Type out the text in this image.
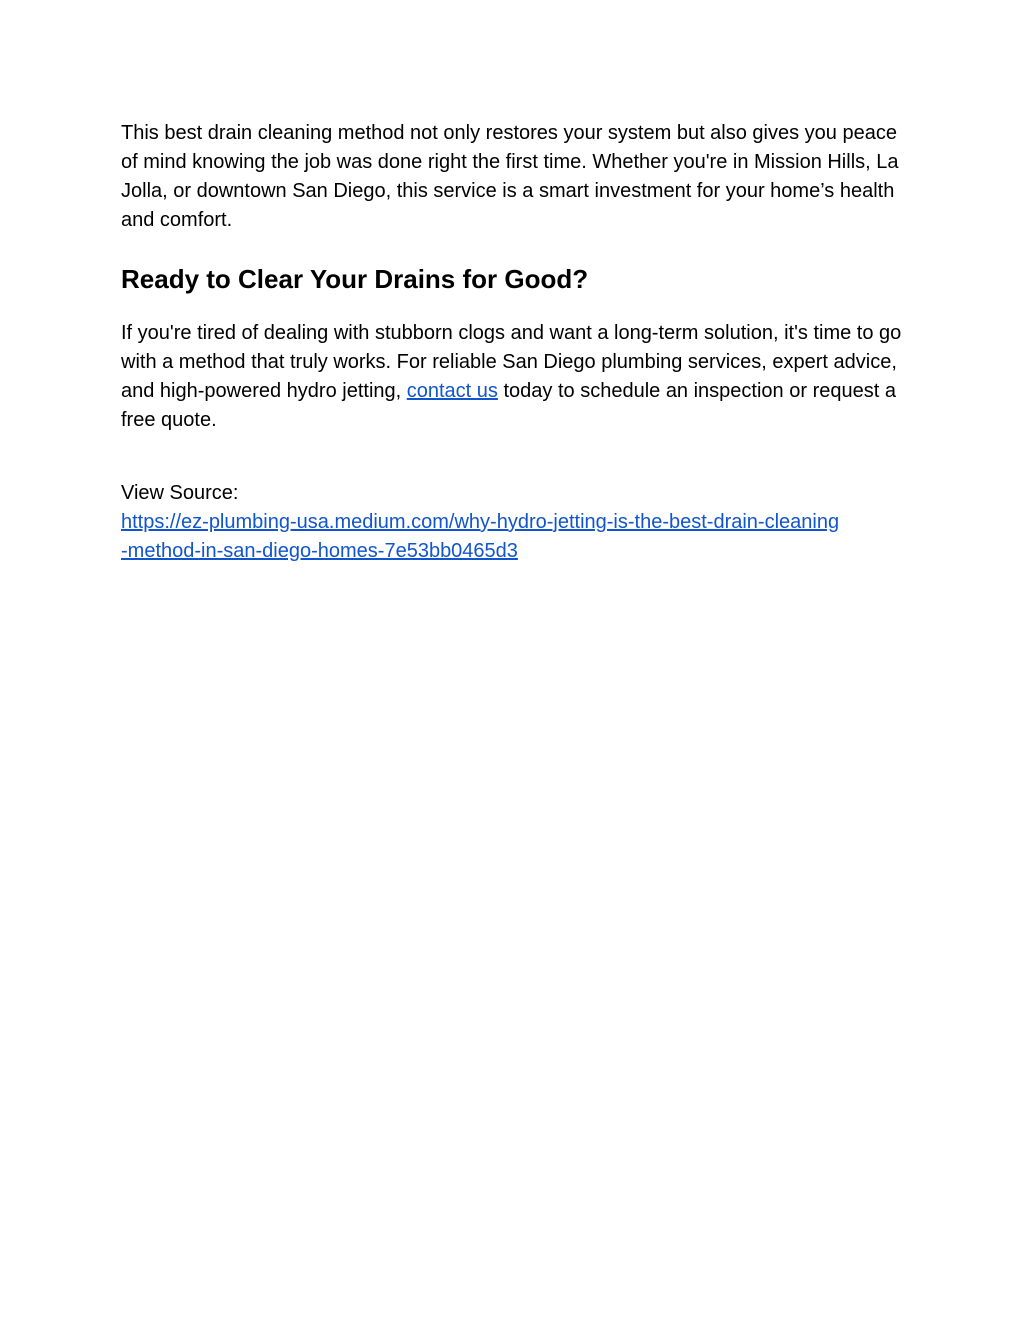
This best drain cleaning method not only restores your system but also gives you peace of mind knowing the job was done right the first time. Whether you're in Mission Hills, La Jolla, or downtown San Diego, this service is a smart investment for your home’s health and comfort.

Ready to Clear Your Drains for Good?

If you're tired of dealing with stubborn clogs and want a long-term solution, it's time to go with a method that truly works. For reliable San Diego plumbing services, expert advice, and high-powered hydro jetting, contact us today to schedule an inspection or request a free quote.

View Source:
https://ez-plumbing-usa.medium.com/why-hydro-jetting-is-the-best-drain-cleaning
-method-in-san-diego-homes-7e53bb0465d3
